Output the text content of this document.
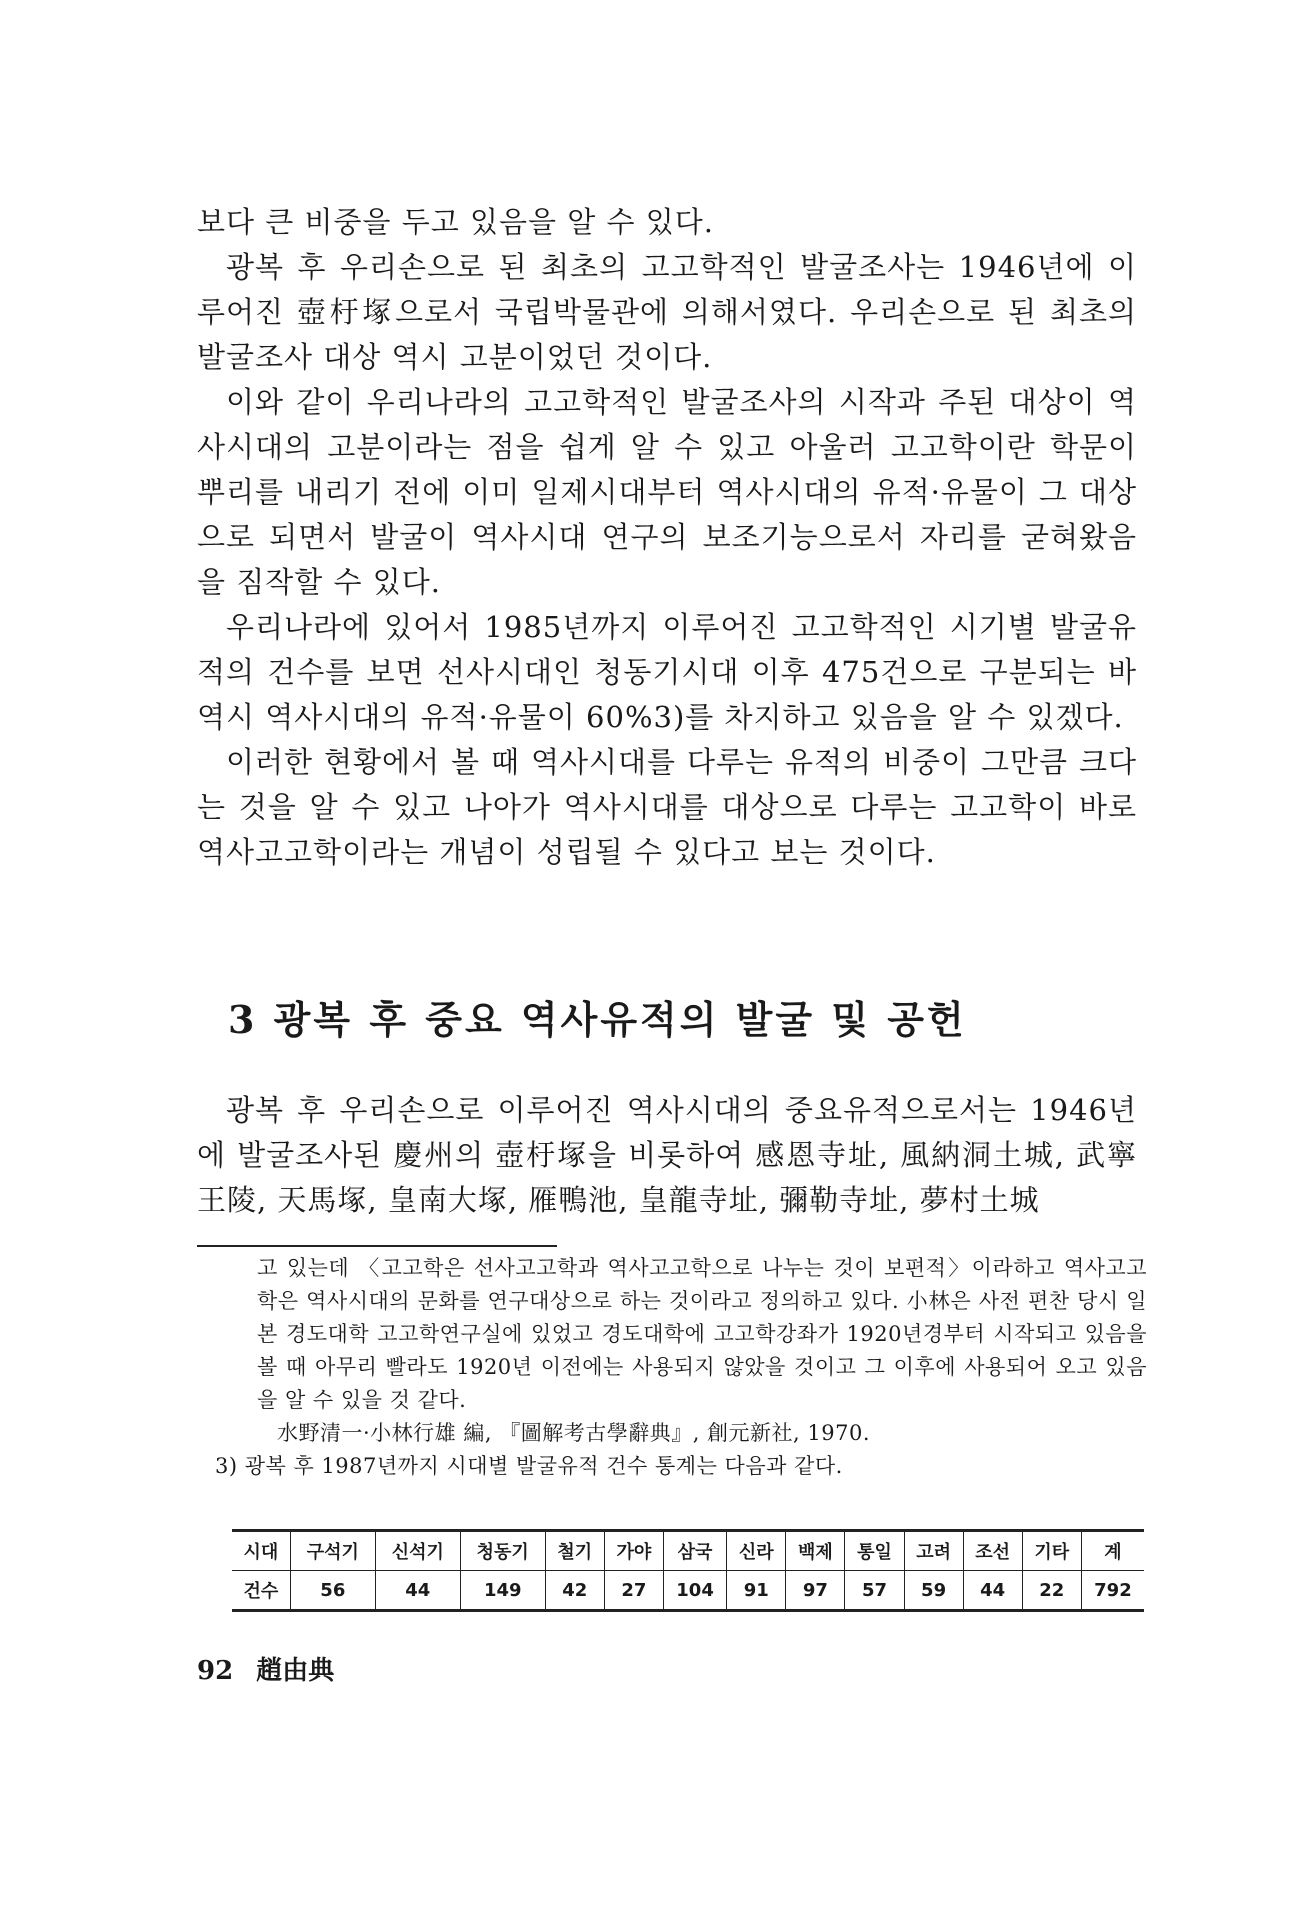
보다 큰 비중을 두고 있음을 알 수 있다.

광복 후 우리손으로 된 최초의 고고학적인 발굴조사는 1946년에 이루어진 壺杅塚으로서 국립박물관에 의해서였다. 우리손으로 된 최초의 발굴조사 대상 역시 고분이었던 것이다.

이와 같이 우리나라의 고고학적인 발굴조사의 시작과 주된 대상이 역사시대의 고분이라는 점을 쉽게 알 수 있고 아울러 고고학이란 학문이 뿌리를 내리기 전에 이미 일제시대부터 역사시대의 유적·유물이 그 대상으로 되면서 발굴이 역사시대 연구의 보조기능으로서 자리를 굳혀왔음을 짐작할 수 있다.

우리나라에 있어서 1985년까지 이루어진 고고학적인 시기별 발굴유적의 건수를 보면 선사시대인 청동기시대 이후 475건으로 구분되는 바 역시 역사시대의 유적·유물이 60%3)를 차지하고 있음을 알 수 있겠다.

이러한 현황에서 볼 때 역사시대를 다루는 유적의 비중이 그만큼 크다는 것을 알 수 있고 나아가 역사시대를 대상으로 다루는 고고학이 바로 역사고고학이라는 개념이 성립될 수 있다고 보는 것이다.

3 광복 후 중요 역사유적의 발굴 및 공헌

광복 후 우리손으로 이루어진 역사시대의 중요유적으로서는 1946년에 발굴조사된 慶州의 壺杅塚을 비롯하여 感恩寺址, 風納洞土城, 武寧王陵, 天馬塚, 皇南大塚, 雁鴨池, 皇龍寺址, 彌勒寺址, 夢村土城

고 있는데 〈고고학은 선사고고학과 역사고고학으로 나누는 것이 보편적〉이라하고 역사고고학은 역사시대의 문화를 연구대상으로 하는 것이라고 정의하고 있다. 小林은 사전 편찬 당시 일본 경도대학 고고학연구실에 있었고 경도대학에 고고학강좌가 1920년경부터 시작되고 있음을 볼 때 아무리 빨라도 1920년 이전에는 사용되지 않았을 것이고 그 이후에 사용되어 오고 있음을 알 수 있을 것 같다.

水野清一·小林行雄 編, 『圖解考古學辭典』, 創元新社, 1970.

3) 광복 후 1987년까지 시대별 발굴유적 건수 통계는 다음과 같다.

시대	구석기	신석기	청동기	철기	가야	삼국	신라	백제	통일	고려	조선	기타	계
건수	56	44	149	42	27	104	91	97	57	59	44	22	792
92 趙由典
